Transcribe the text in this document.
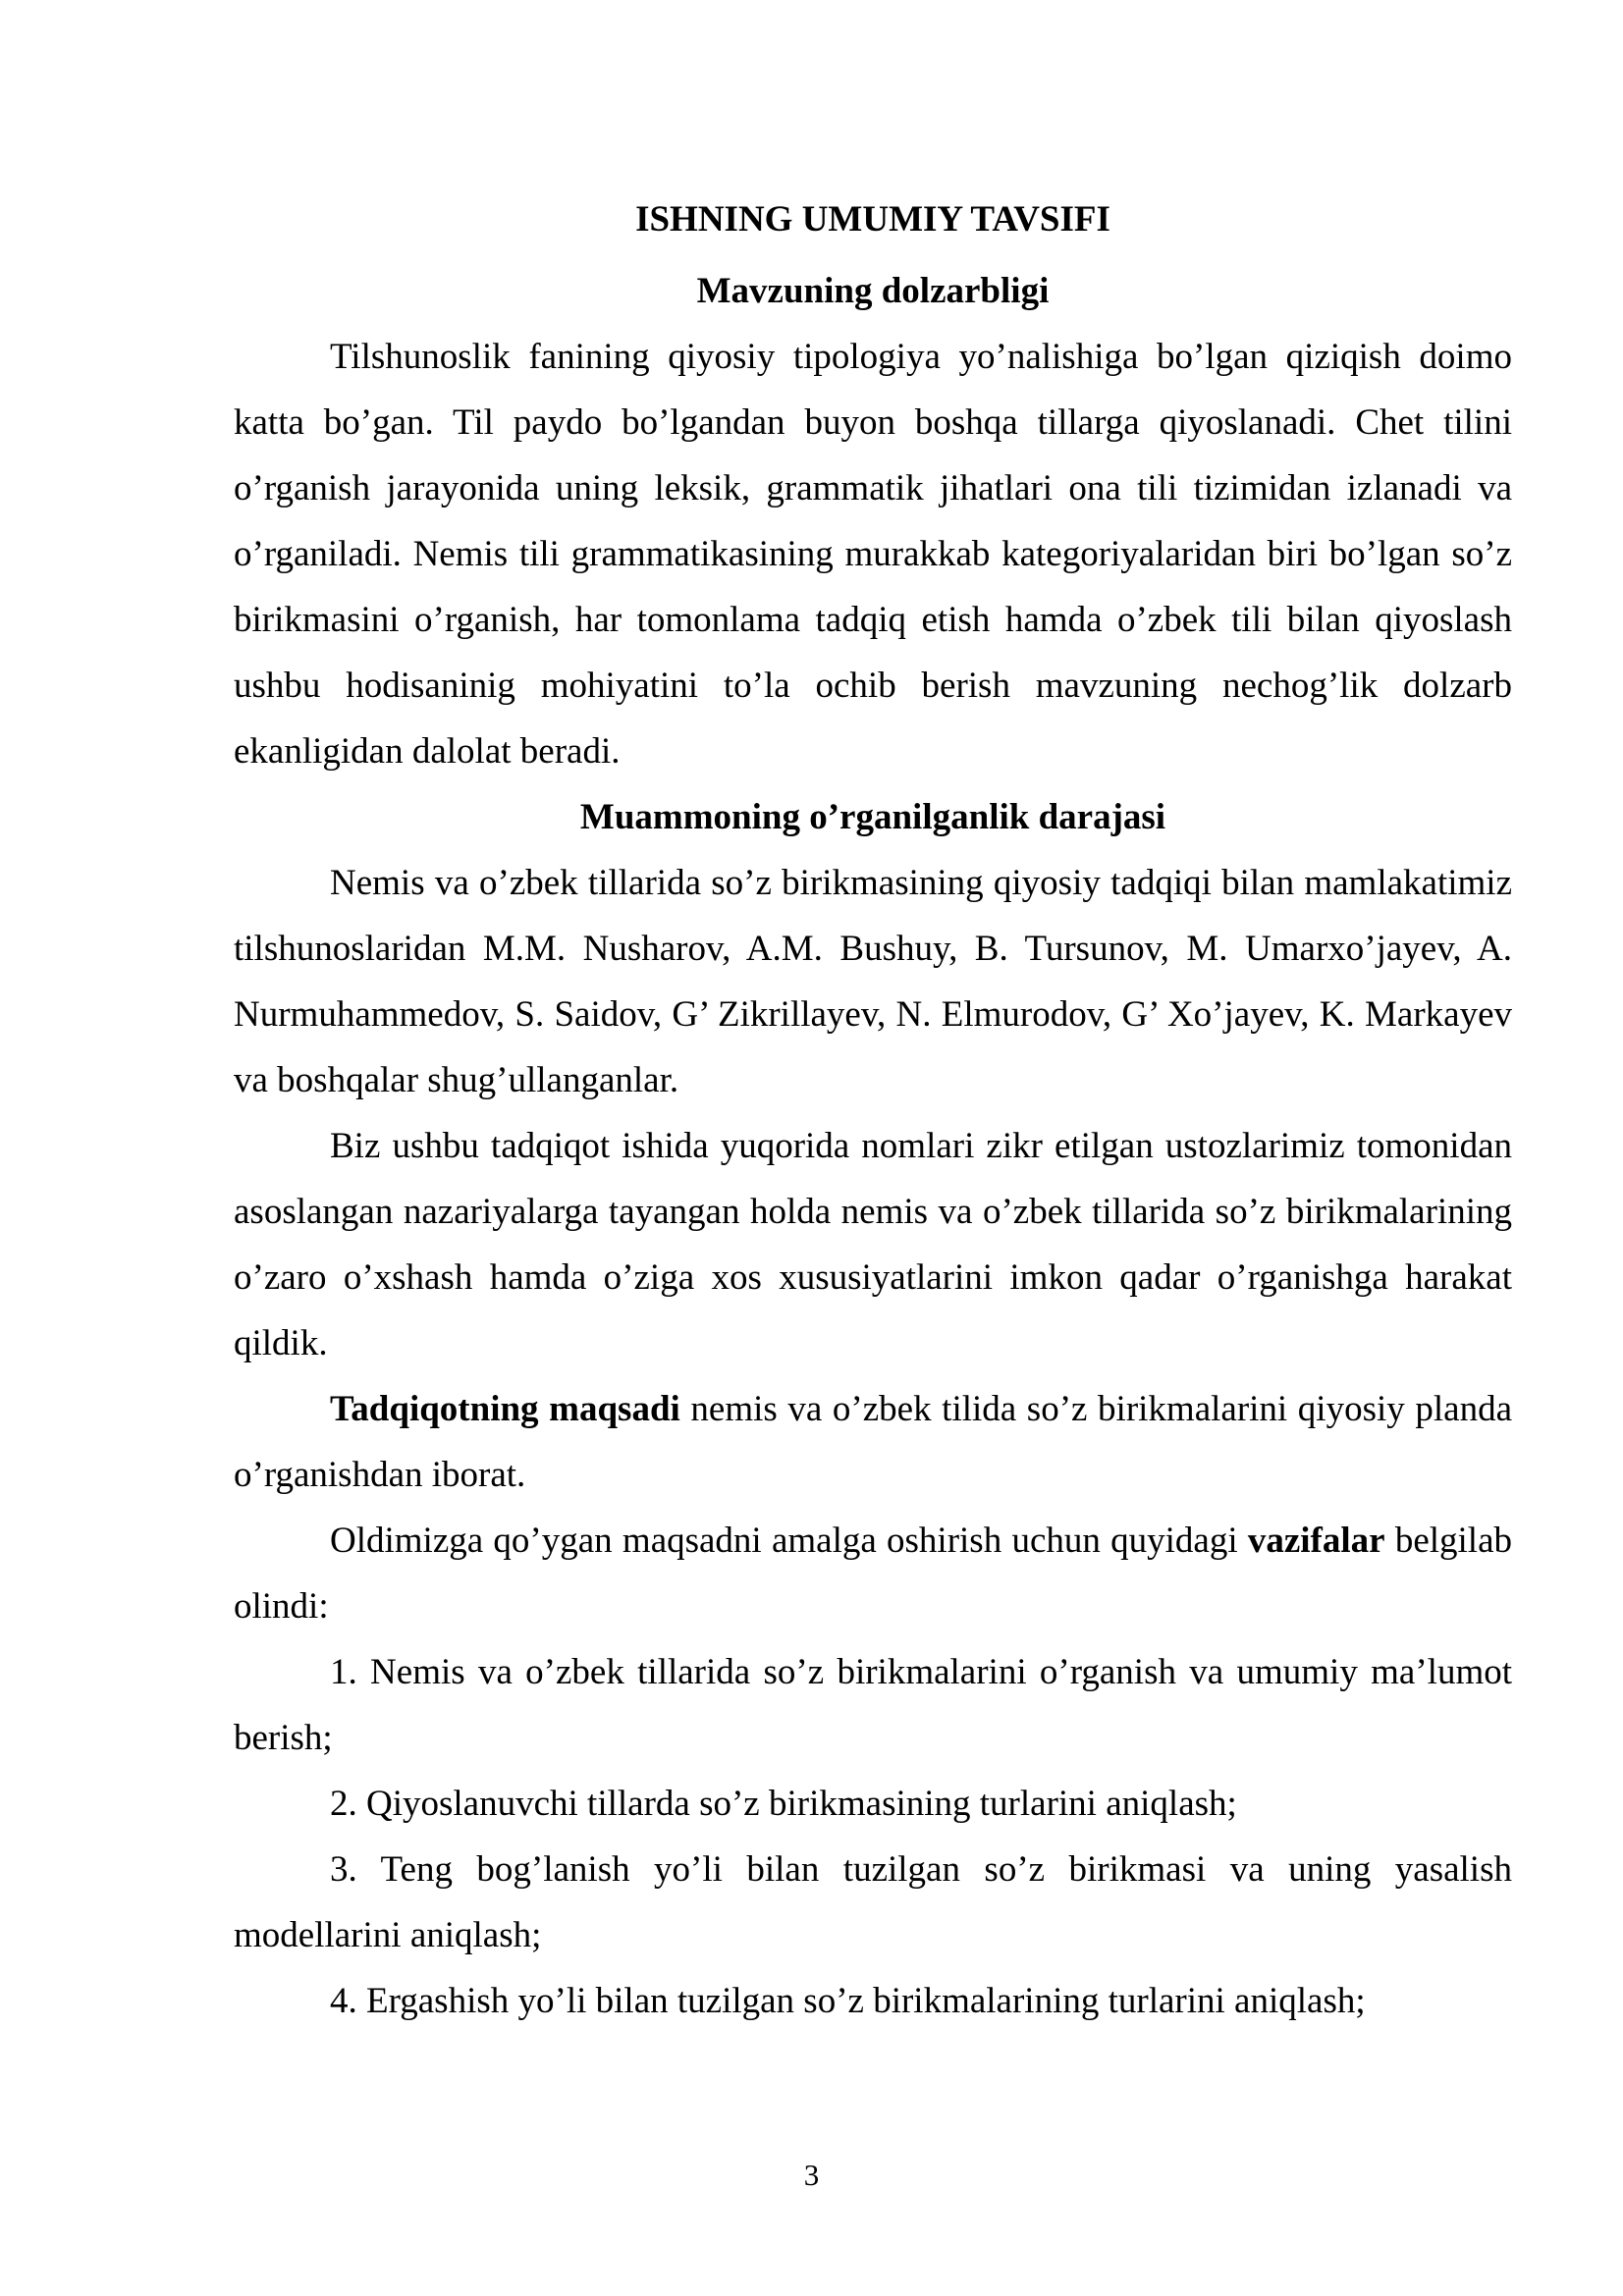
ISHNING UMUMIY TAVSIFI
Mavzuning dolzarbligi

Tilshunoslik fanining qiyosiy tipologiya yo’nalishiga bo’lgan qiziqish doimo katta bo’gan. Til paydo bo’lgandan buyon boshqa tillarga qiyoslanadi. Chet tilini o’rganish jarayonida uning leksik, grammatik jihatlari ona tili tizimidan izlanadi va o’rganiladi. Nemis tili grammatikasining murakkab kategoriyalaridan biri bo’lgan so’z birikmasini o’rganish, har tomonlama tadqiq etish hamda o’zbek tili bilan qiyoslash ushbu hodisaninig mohiyatini to’la ochib berish mavzuning nechog’lik dolzarb ekanligidan dalolat beradi.

Muammoning o’rganilganlik darajasi

Nemis va o’zbek tillarida so’z birikmasining qiyosiy tadqiqi bilan mamlakatimiz tilshunoslaridan M.M. Nusharov, A.M. Bushuy, B. Tursunov, M. Umarxo’jayev, A. Nurmuhammedov, S. Saidov, G’ Zikrillayev, N. Elmurodov, G’ Xo’jayev, K. Markayev va boshqalar shug’ullanganlar.

Biz ushbu tadqiqot ishida yuqorida nomlari zikr etilgan ustozlarimiz tomonidan asoslangan nazariyalarga tayangan holda nemis va o’zbek tillarida so’z birikmalarining o’zaro o’xshash hamda o’ziga xos xususiyatlarini imkon qadar o’rganishga harakat qildik.

Tadqiqotning maqsadi nemis va o’zbek tilida so’z birikmalarini qiyosiy planda o’rganishdan iborat.

Oldimizga qo’ygan maqsadni amalga oshirish uchun quyidagi vazifalar belgilab olindi:

1. Nemis va o’zbek tillarida so’z birikmalarini o’rganish va umumiy ma’lumot berish;

2. Qiyoslanuvchi tillarda so’z birikmasining turlarini aniqlash;

3. Teng bog’lanish yo’li bilan tuzilgan so’z birikmasi va uning yasalish modellarini aniqlash;

4. Ergashish yo’li bilan tuzilgan so’z birikmalarining turlarini aniqlash;

3
